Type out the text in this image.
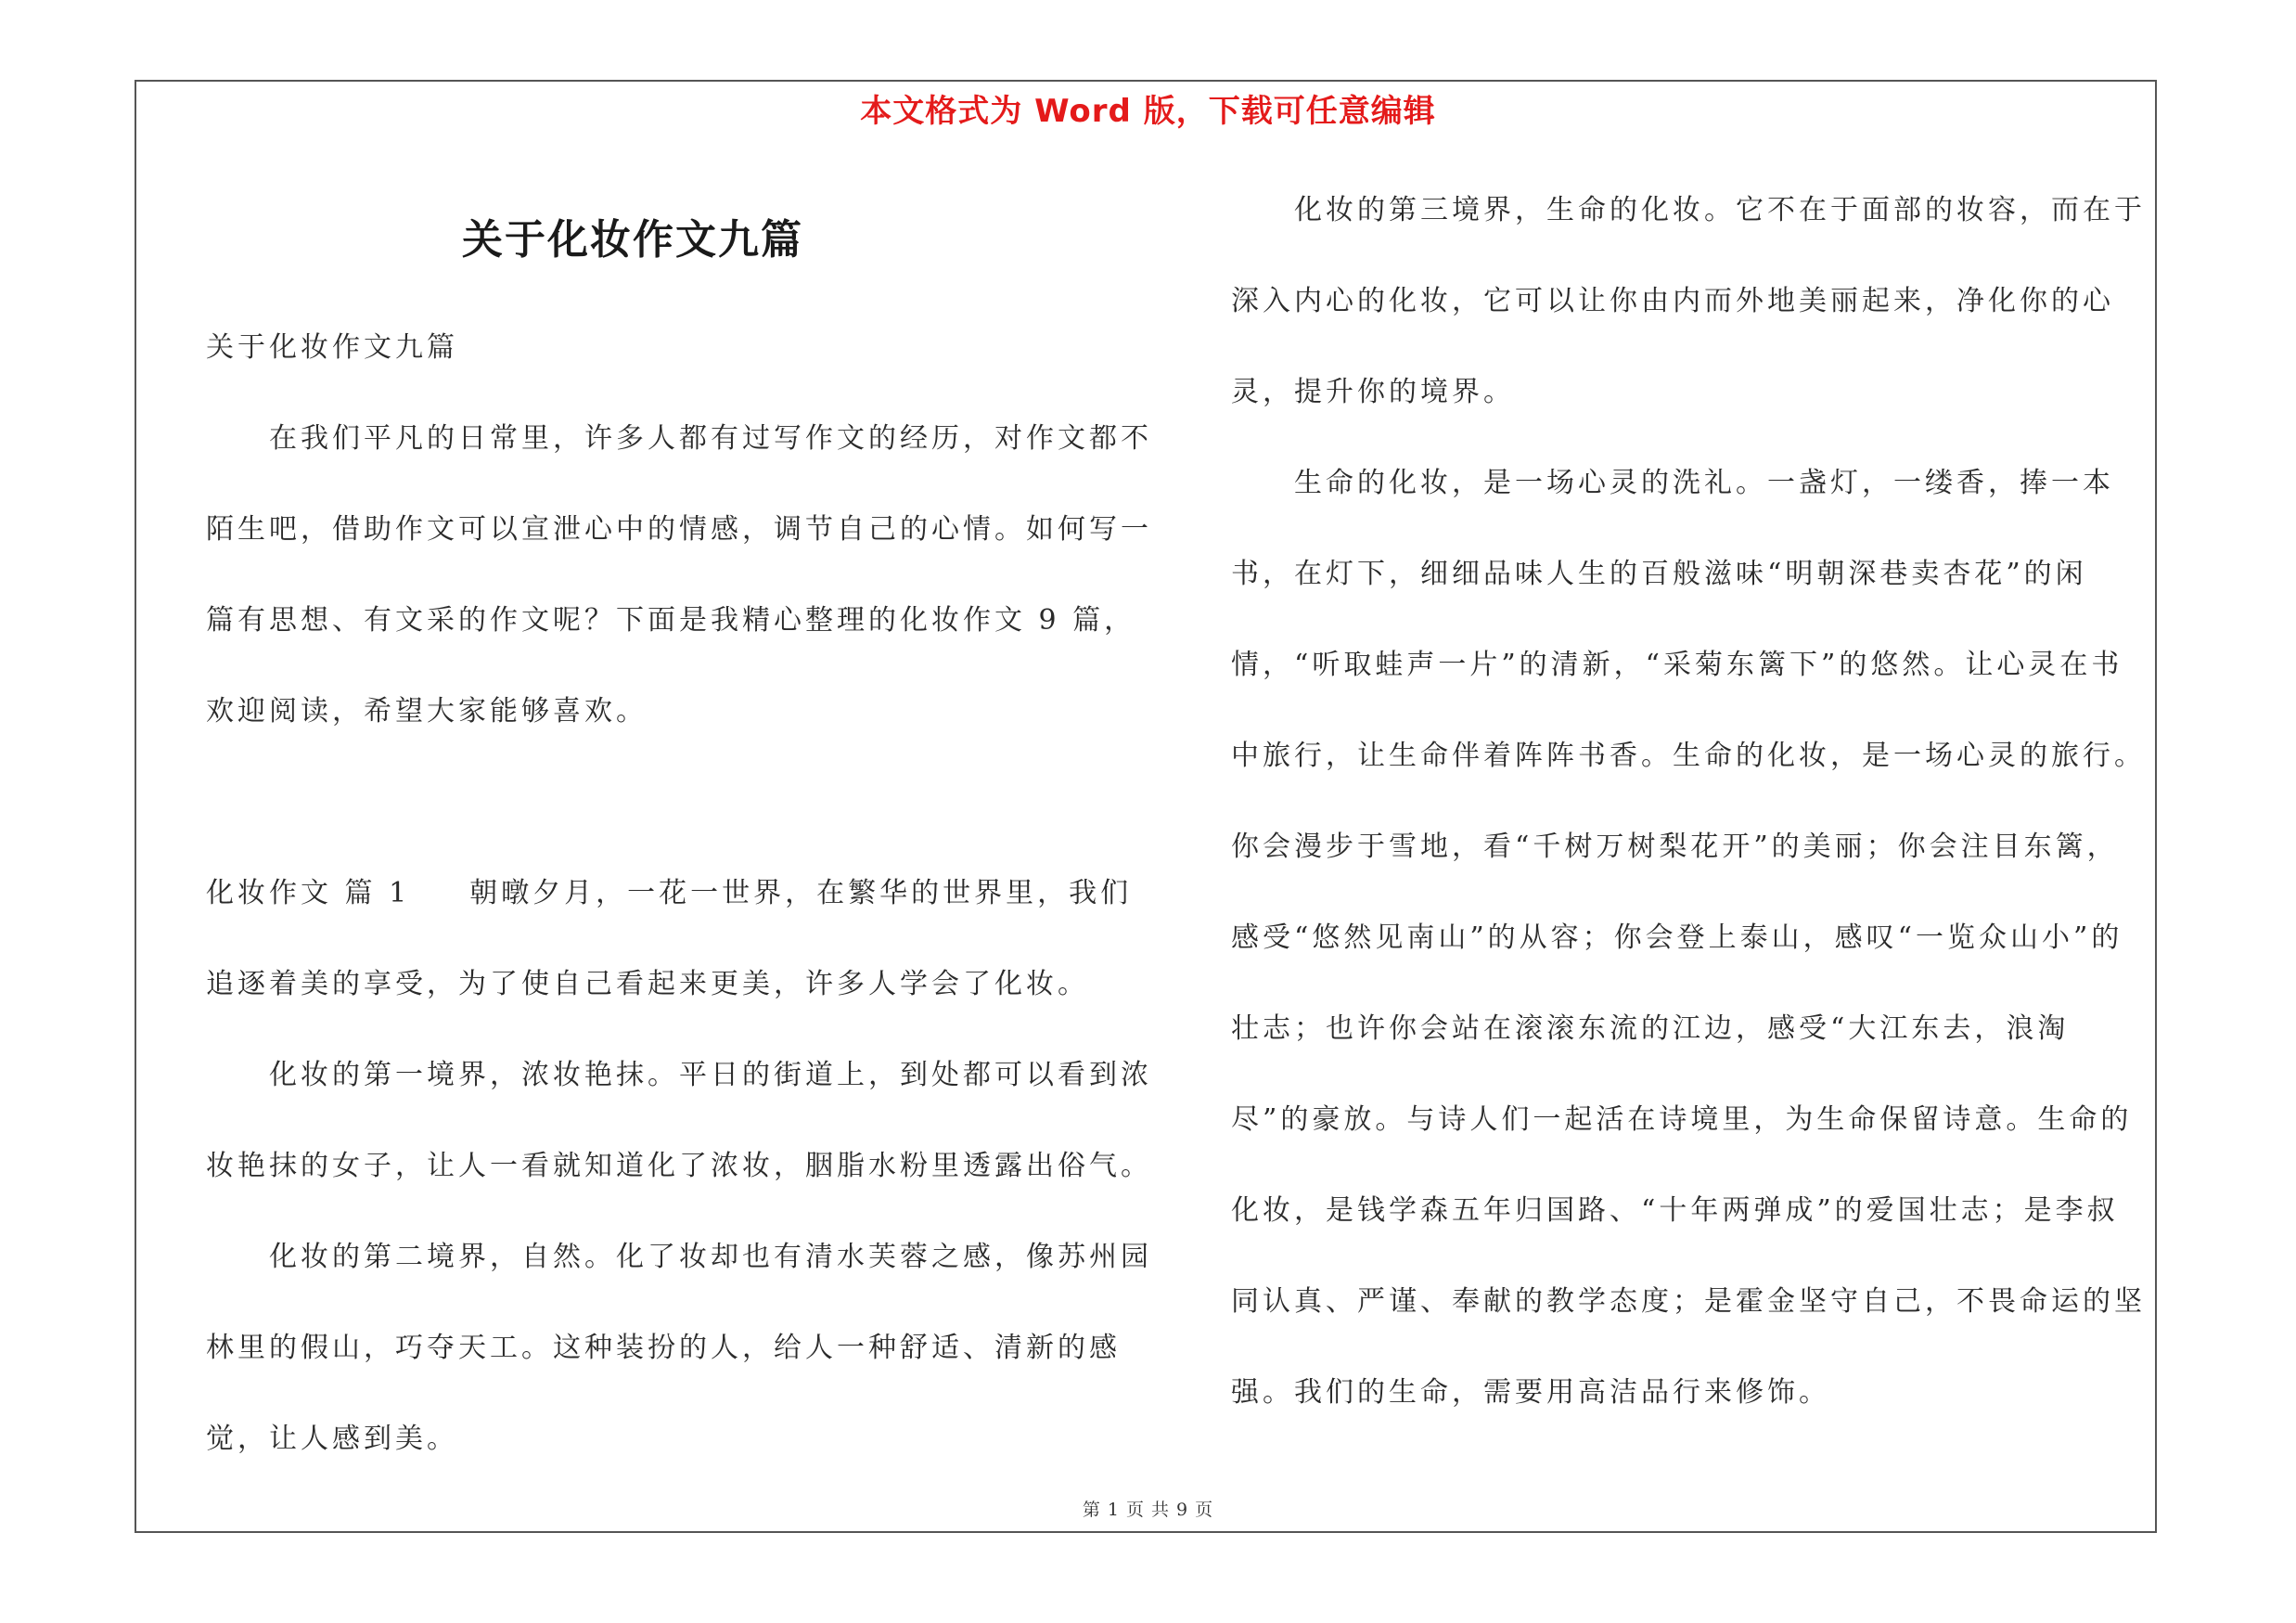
本文格式为 Word 版，下载可任意编辑
关于化妆作文九篇

关于化妆作文九篇

在我们平凡的日常里，许多人都有过写作文的经历，对作文都不陌生吧，借助作文可以宣泄心中的情感，调节自己的心情。如何写一篇有思想、有文采的作文呢？下面是我精心整理的化妆作文 9 篇，欢迎阅读，希望大家能够喜欢。

化妆作文 篇 1 朝暾夕月，一花一世界，在繁华的世界里，我们追逐着美的享受，为了使自己看起来更美，许多人学会了化妆。

化妆的第一境界，浓妆艳抹。平日的街道上，到处都可以看到浓妆艳抹的女子，让人一看就知道化了浓妆，胭脂水粉里透露出俗气。

化妆的第二境界，自然。化了妆却也有清水芙蓉之感，像苏州园林里的假山，巧夺天工。这种装扮的人，给人一种舒适、清新的感觉，让人感到美。

化妆的第三境界，生命的化妆。它不在于面部的妆容，而在于深入内心的化妆，它可以让你由内而外地美丽起来，净化你的心灵，提升你的境界。

生命的化妆，是一场心灵的洗礼。一盏灯，一缕香，捧一本书，在灯下，细细品味人生的百般滋味“明朝深巷卖杏花”的闲情，“听取蛙声一片”的清新，“采菊东篱下”的悠然。让心灵在书中旅行，让生命伴着阵阵书香。生命的化妆，是一场心灵的旅行。你会漫步于雪地，看“千树万树梨花开”的美丽；你会注目东篱，感受“悠然见南山”的从容；你会登上泰山，感叹“一览众山小”的壮志；也许你会站在滚滚东流的江边，感受“大江东去，浪淘尽”的豪放。与诗人们一起活在诗境里，为生命保留诗意。生命的化妆，是钱学森五年归国路、“十年两弹成”的爱国壮志；是李叔同认真、严谨、奉献的教学态度；是霍金坚守自己，不畏命运的坚强。我们的生命，需要用高洁品行来修饰。

第 1 页 共 9 页
